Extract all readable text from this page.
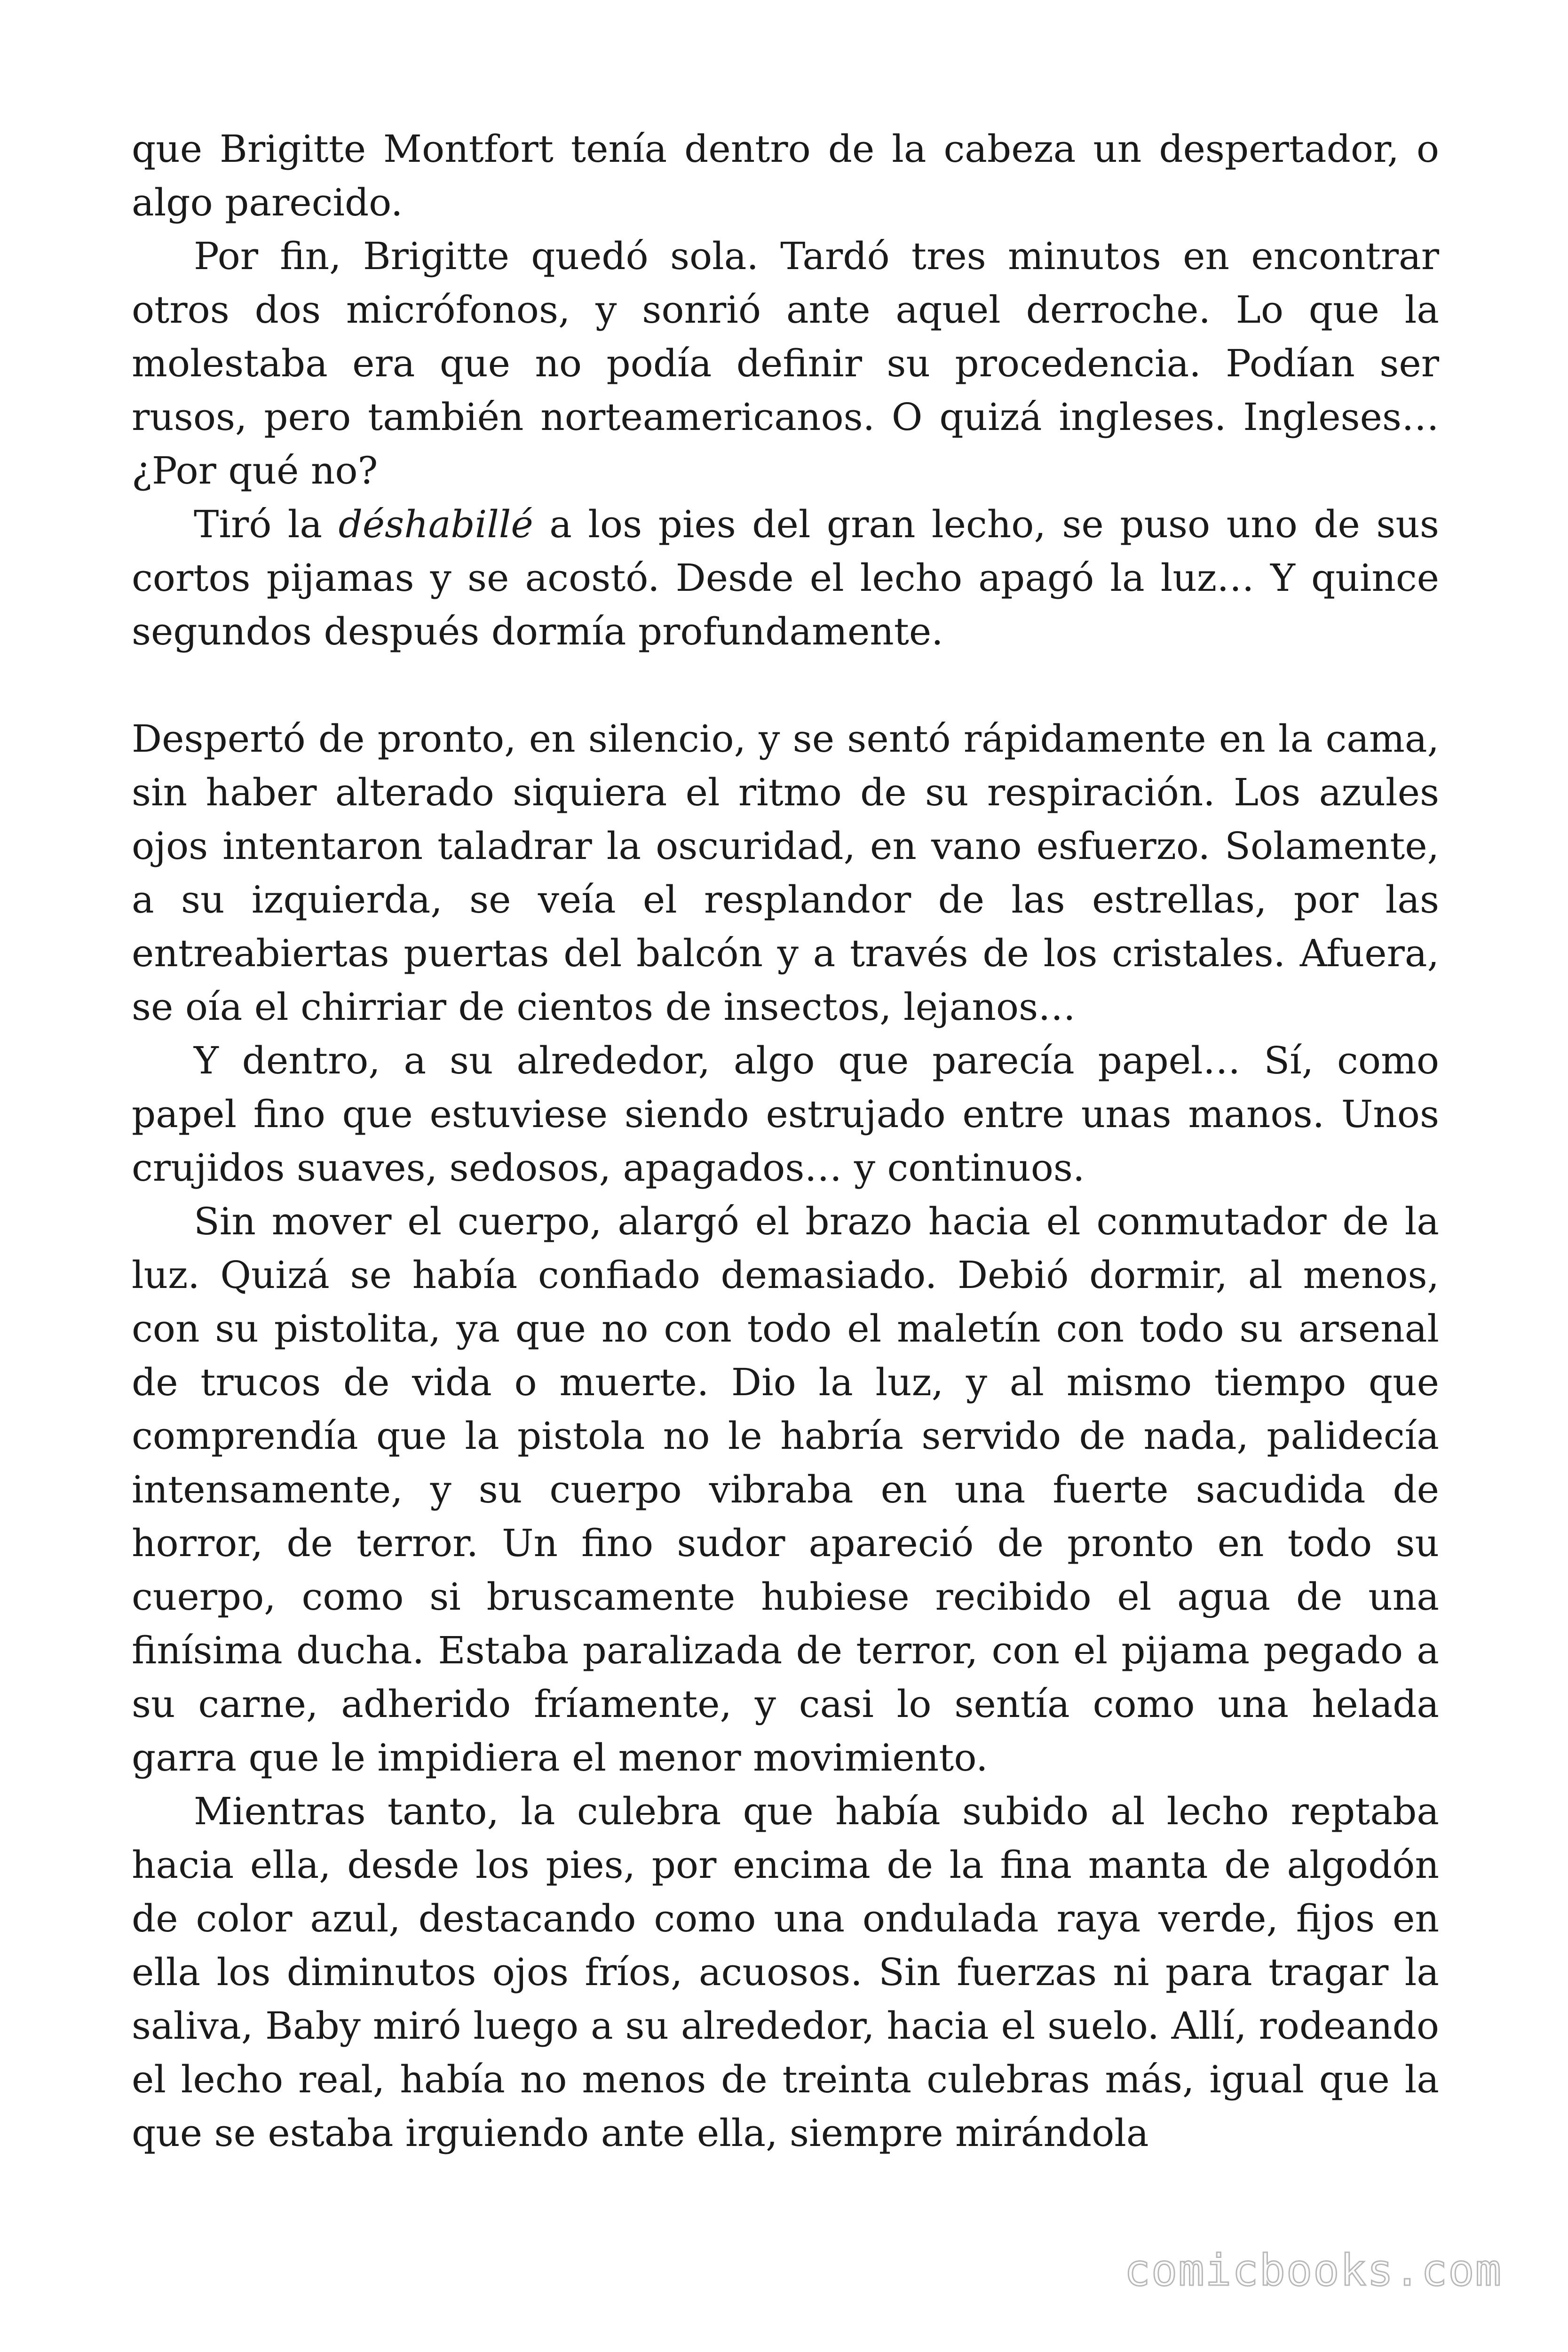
que Brigitte Montfort tenía dentro de la cabeza un despertador, o algo parecido.

Por fin, Brigitte quedó sola. Tardó tres minutos en encontrar otros dos micrófonos, y sonrió ante aquel derroche. Lo que la molestaba era que no podía definir su procedencia. Podían ser rusos, pero también norteamericanos. O quizá ingleses. Ingleses… ¿Por qué no?

Tiró la déshabillé a los pies del gran lecho, se puso uno de sus cortos pijamas y se acostó. Desde el lecho apagó la luz… Y quince segundos después dormía profundamente.

Despertó de pronto, en silencio, y se sentó rápidamente en la cama, sin haber alterado siquiera el ritmo de su respiración. Los azules ojos intentaron taladrar la oscuridad, en vano esfuerzo. Solamente, a su izquierda, se veía el resplandor de las estrellas, por las entreabiertas puertas del balcón y a través de los cristales. Afuera, se oía el chirriar de cientos de insectos, lejanos…

Y dentro, a su alrededor, algo que parecía papel… Sí, como papel fino que estuviese siendo estrujado entre unas manos. Unos crujidos suaves, sedosos, apagados… y continuos.

Sin mover el cuerpo, alargó el brazo hacia el conmutador de la luz. Quizá se había confiado demasiado. Debió dormir, al menos, con su pistolita, ya que no con todo el maletín con todo su arsenal de trucos de vida o muerte. Dio la luz, y al mismo tiempo que comprendía que la pistola no le habría servido de nada, palidecía intensamente, y su cuerpo vibraba en una fuerte sacudida de horror, de terror. Un fino sudor apareció de pronto en todo su cuerpo, como si bruscamente hubiese recibido el agua de una finísima ducha. Estaba paralizada de terror, con el pijama pegado a su carne, adherido fríamente, y casi lo sentía como una helada garra que le impidiera el menor movimiento.

Mientras tanto, la culebra que había subido al lecho reptaba hacia ella, desde los pies, por encima de la fina manta de algodón de color azul, destacando como una ondulada raya verde, fijos en ella los diminutos ojos fríos, acuosos. Sin fuerzas ni para tragar la saliva, Baby miró luego a su alrededor, hacia el suelo. Allí, rodeando el lecho real, había no menos de treinta culebras más, igual que la que se estaba irguiendo ante ella, siempre mirándola

comicbooks.com
